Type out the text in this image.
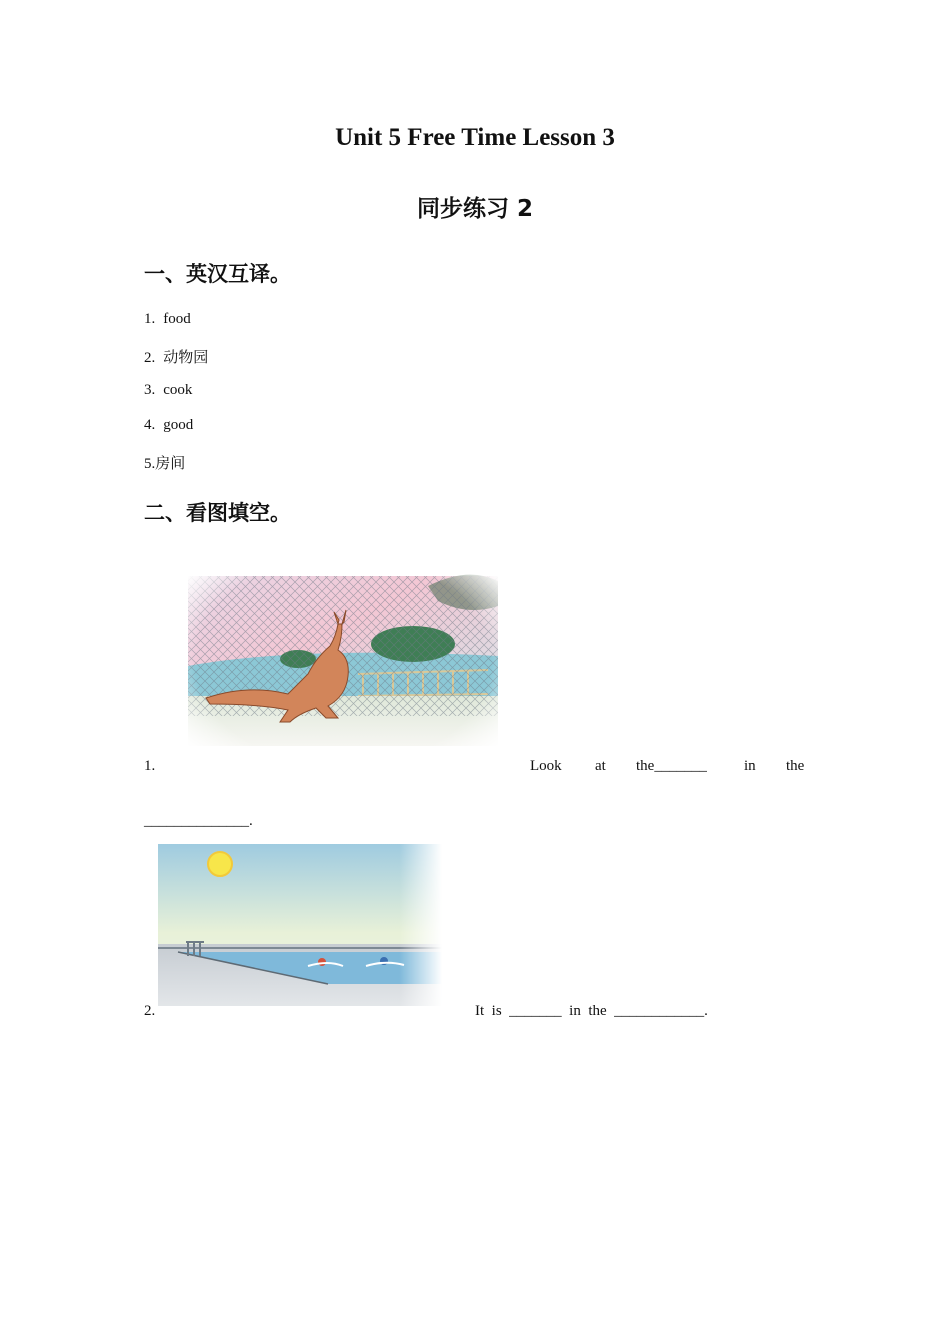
Unit 5 Free Time Lesson 3
同步练习 2
一、英汉互译。
1. food
2. 动物园
3. cook
4. good
5.房间
二、看图填空。
1.	Look at the_______ in the
______________.
2.	It  is  _______  in  the  ____________.
